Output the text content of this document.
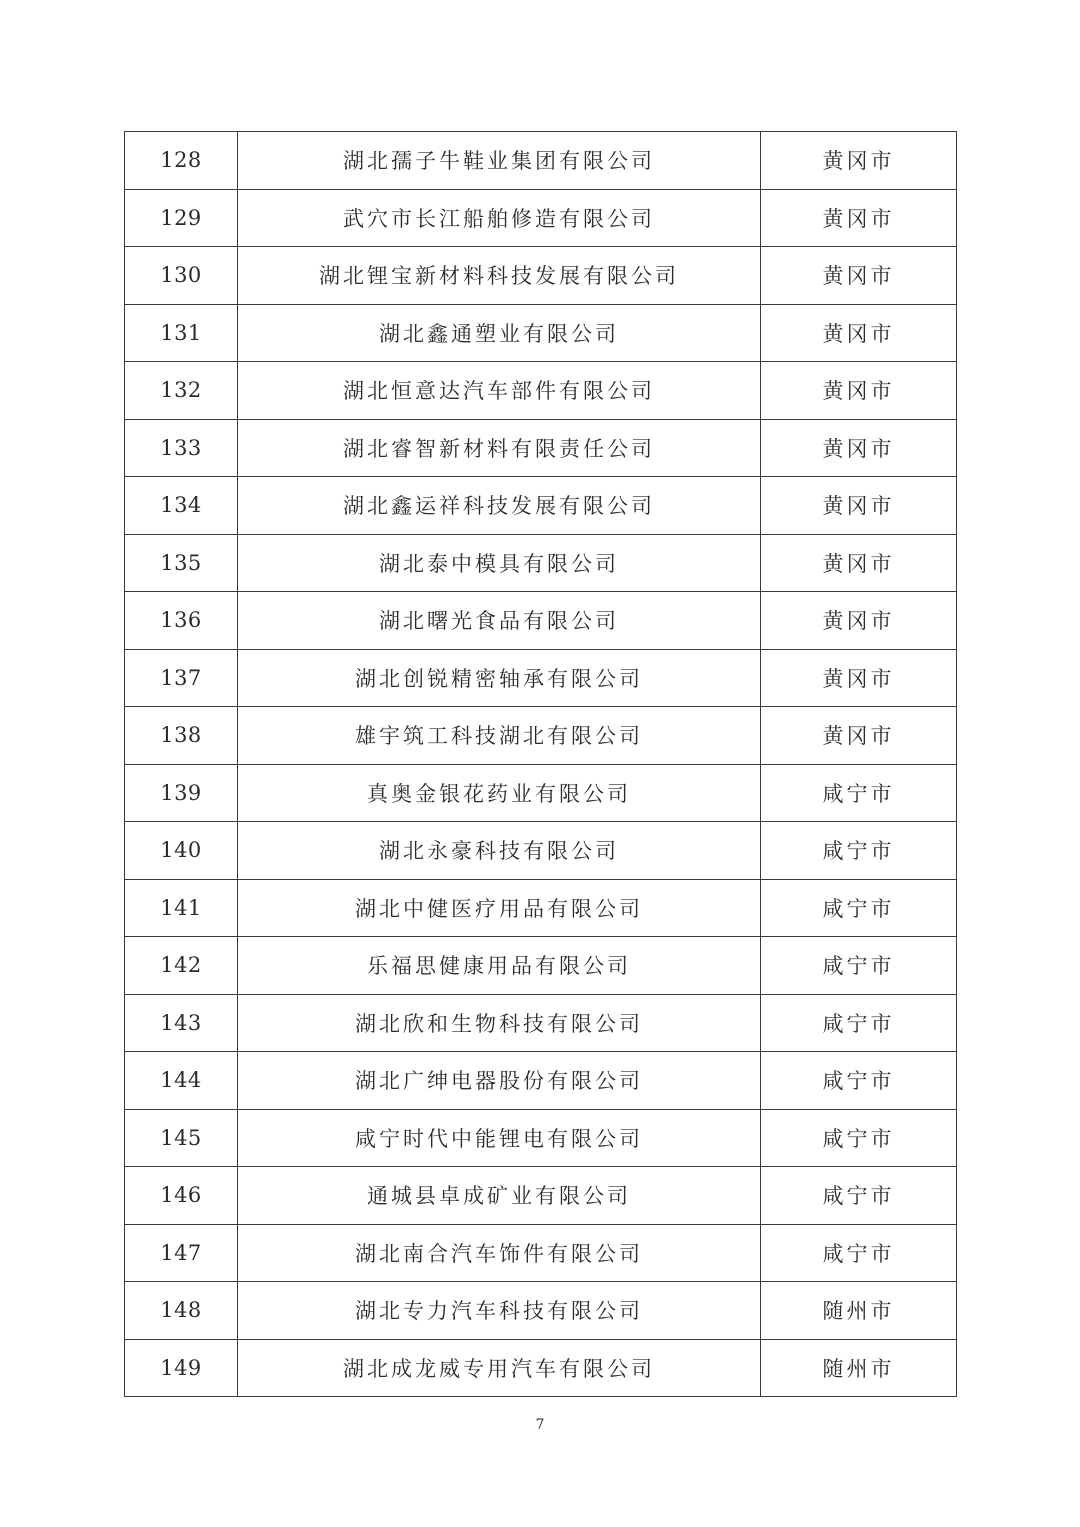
128	湖北孺子牛鞋业集团有限公司	黄冈市
129	武穴市长江船舶修造有限公司	黄冈市
130	湖北锂宝新材料科技发展有限公司	黄冈市
131	湖北鑫通塑业有限公司	黄冈市
132	湖北恒意达汽车部件有限公司	黄冈市
133	湖北睿智新材料有限责任公司	黄冈市
134	湖北鑫运祥科技发展有限公司	黄冈市
135	湖北泰中模具有限公司	黄冈市
136	湖北曙光食品有限公司	黄冈市
137	湖北创锐精密轴承有限公司	黄冈市
138	雄宇筑工科技湖北有限公司	黄冈市
139	真奥金银花药业有限公司	咸宁市
140	湖北永豪科技有限公司	咸宁市
141	湖北中健医疗用品有限公司	咸宁市
142	乐福思健康用品有限公司	咸宁市
143	湖北欣和生物科技有限公司	咸宁市
144	湖北广绅电器股份有限公司	咸宁市
145	咸宁时代中能锂电有限公司	咸宁市
146	通城县卓成矿业有限公司	咸宁市
147	湖北南合汽车饰件有限公司	咸宁市
148	湖北专力汽车科技有限公司	随州市
149	湖北成龙威专用汽车有限公司	随州市
7
